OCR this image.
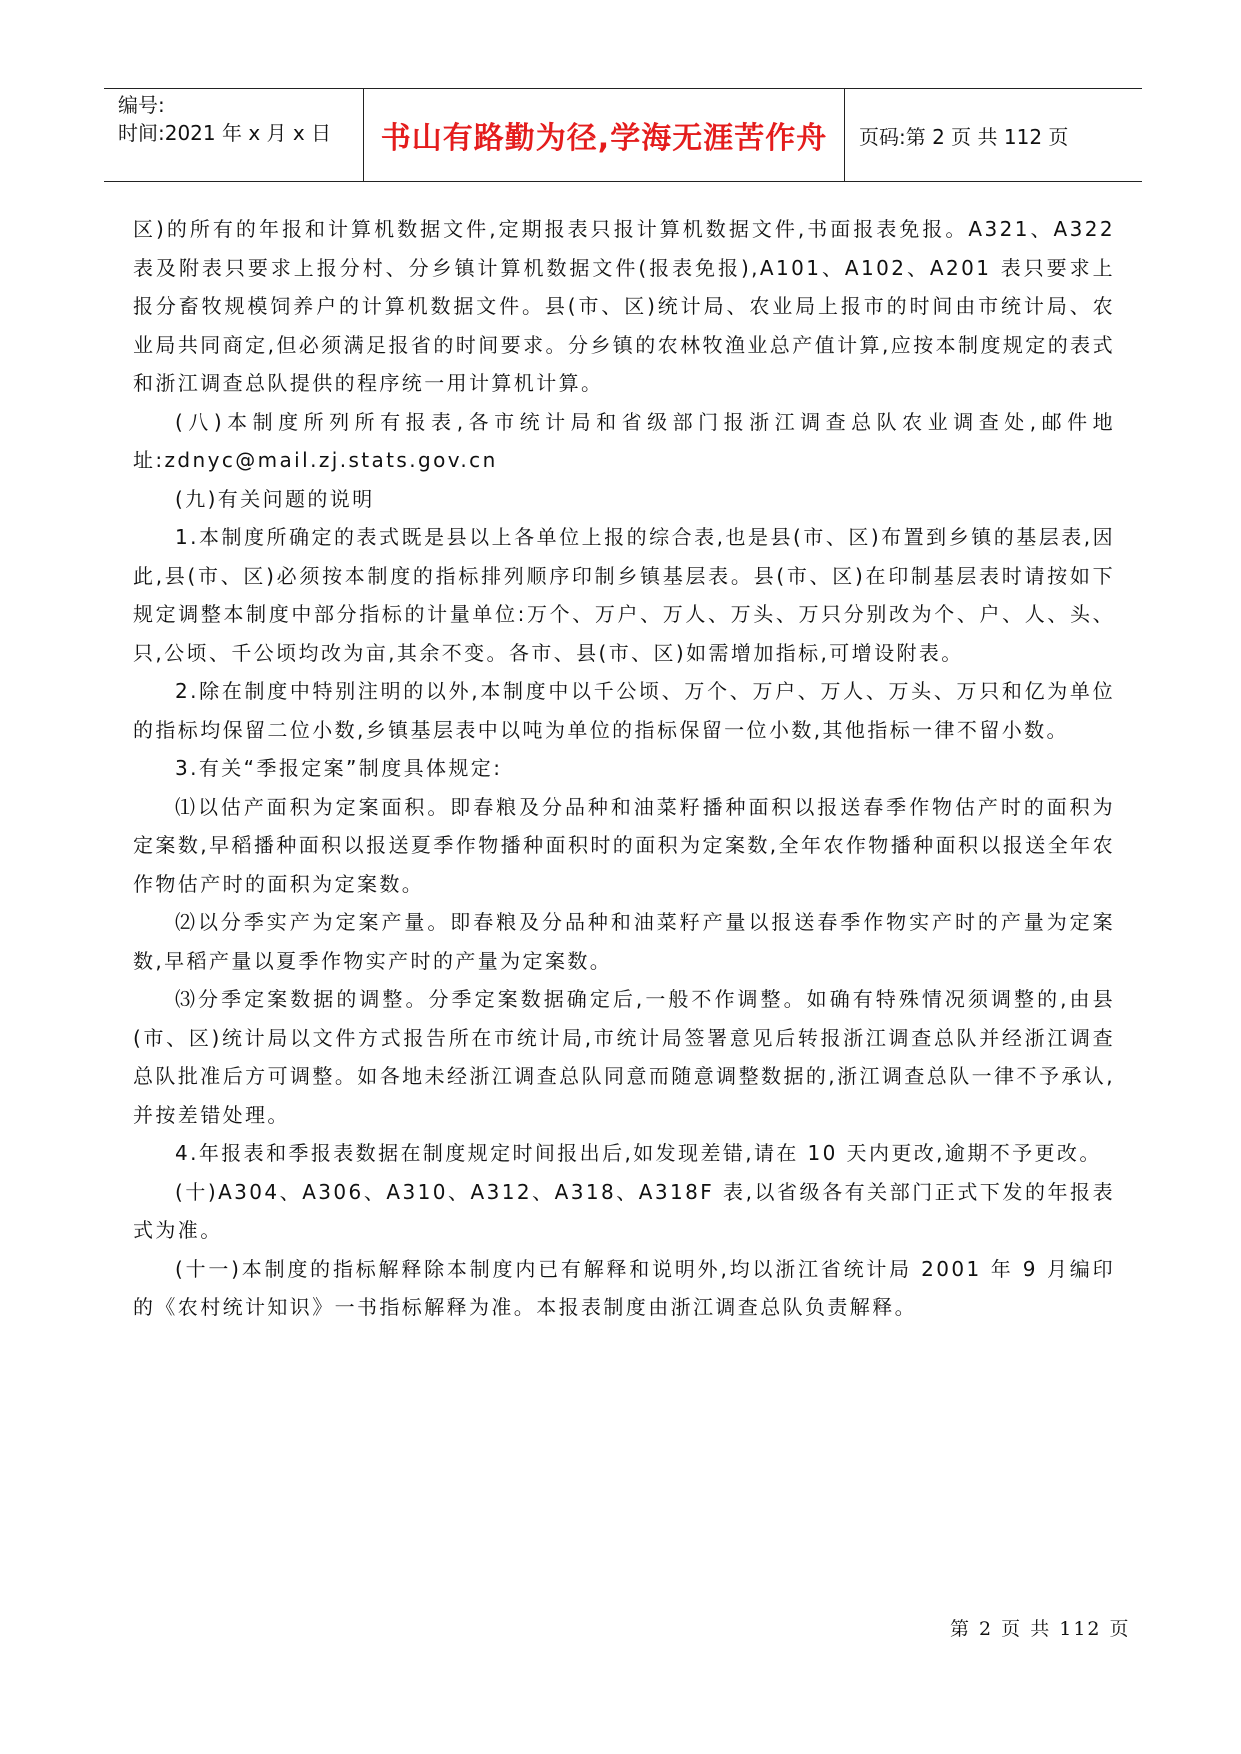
编号:
时间:2021 年 x 月 x 日	书山有路勤为径,学海无涯苦作舟 页码:第 2 页 共 112 页

区)的所有的年报和计算机数据文件,定期报表只报计算机数据文件,书面报表免报。A321、A322 表及附表只要求上报分村、分乡镇计算机数据文件(报表免报),A101、A102、A201 表只要求上报分畜牧规模饲养户的计算机数据文件。县(市、区)统计局、农业局上报市的时间由市统计局、农业局共同商定,但必须满足报省的时间要求。分乡镇的农林牧渔业总产值计算,应按本制度规定的表式和浙江调查总队提供的程序统一用计算机计算。

(八)本制度所列所有报表,各市统计局和省级部门报浙江调查总队农业调查处,邮件地址:zdnyc@mail.zj.stats.gov.cn

(九)有关问题的说明

1.本制度所确定的表式既是县以上各单位上报的综合表,也是县(市、区)布置到乡镇的基层表,因此,县(市、区)必须按本制度的指标排列顺序印制乡镇基层表。县(市、区)在印制基层表时请按如下规定调整本制度中部分指标的计量单位:万个、万户、万人、万头、万只分别改为个、户、人、头、只,公顷、千公顷均改为亩,其余不变。各市、县(市、区)如需增加指标,可增设附表。

2.除在制度中特别注明的以外,本制度中以千公顷、万个、万户、万人、万头、万只和亿为单位的指标均保留二位小数,乡镇基层表中以吨为单位的指标保留一位小数,其他指标一律不留小数。

3.有关“季报定案”制度具体规定:

⑴以估产面积为定案面积。即春粮及分品种和油菜籽播种面积以报送春季作物估产时的面积为定案数,早稻播种面积以报送夏季作物播种面积时的面积为定案数,全年农作物播种面积以报送全年农作物估产时的面积为定案数。

⑵以分季实产为定案产量。即春粮及分品种和油菜籽产量以报送春季作物实产时的产量为定案数,早稻产量以夏季作物实产时的产量为定案数。

⑶分季定案数据的调整。分季定案数据确定后,一般不作调整。如确有特殊情况须调整的,由县(市、区)统计局以文件方式报告所在市统计局,市统计局签署意见后转报浙江调查总队并经浙江调查总队批准后方可调整。如各地未经浙江调查总队同意而随意调整数据的,浙江调查总队一律不予承认,并按差错处理。

4.年报表和季报表数据在制度规定时间报出后,如发现差错,请在 10 天内更改,逾期不予更改。

(十)A304、A306、A310、A312、A318、A318F 表,以省级各有关部门正式下发的年报表式为准。

(十一)本制度的指标解释除本制度内已有解释和说明外,均以浙江省统计局 2001 年 9 月编印的《农村统计知识》一书指标解释为准。本报表制度由浙江调查总队负责解释。

第 2 页 共 112 页
